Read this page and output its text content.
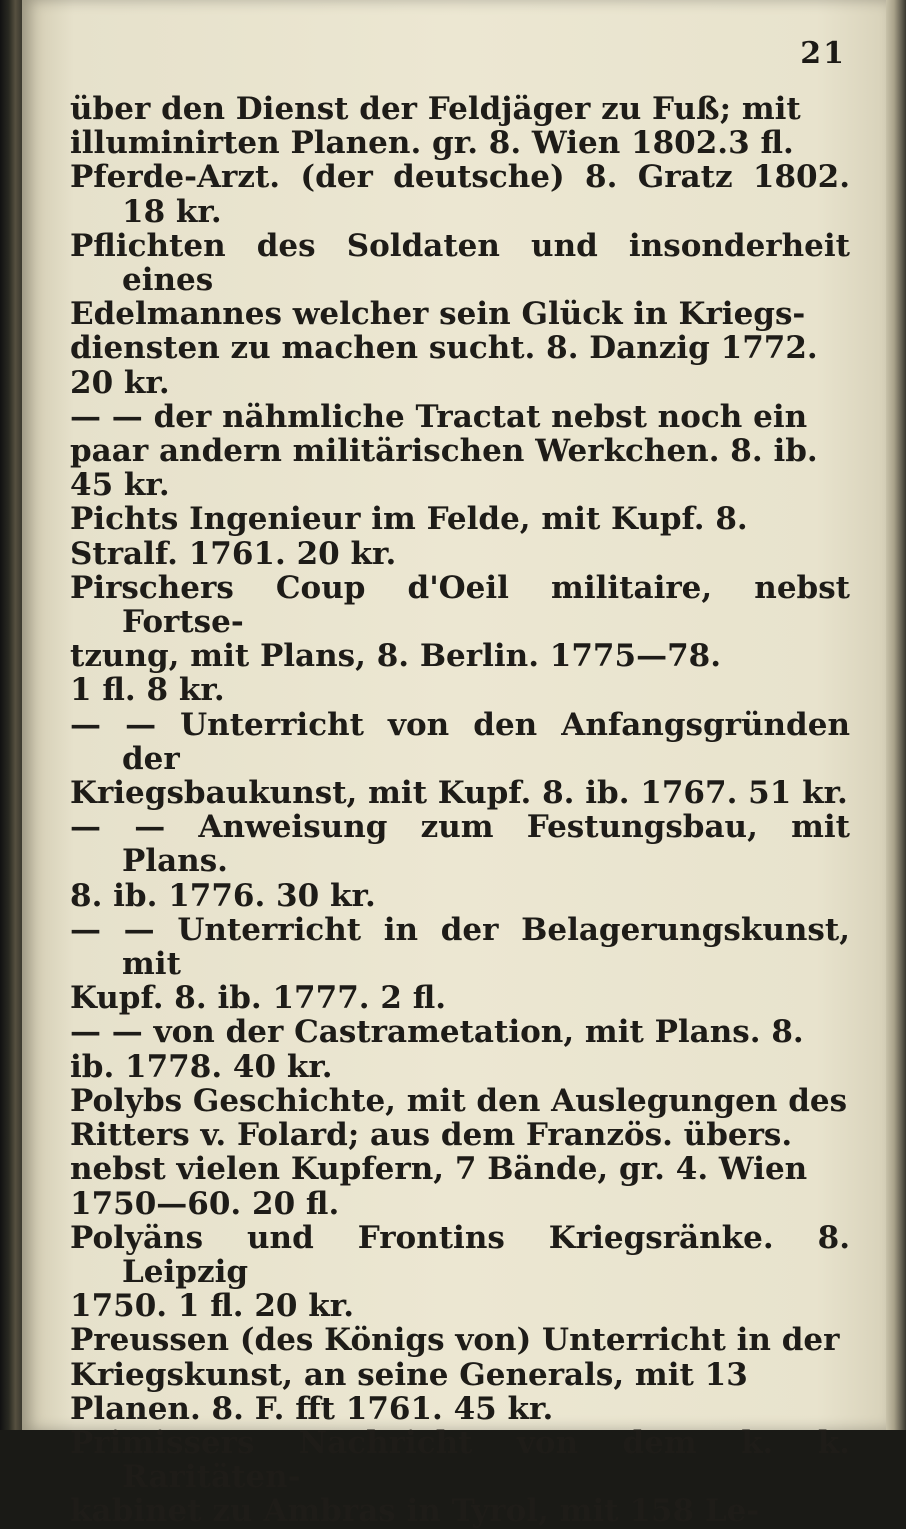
21

über den Dienst der Feldjäger zu Fuß; mit
illuminirten Planen. gr. 8. Wien 1802.3 fl.

Pferde-Arzt. (der deutsche) 8. Gratz 1802. 18 kr.

Pflichten des Soldaten und insonderheit eines
Edelmannes welcher sein Glück in Kriegs-
diensten zu machen sucht. 8. Danzig 1772.
20 kr.

— — der nähmliche Tractat nebst noch ein
paar andern militärischen Werkchen. 8. ib.
45 kr.

Pichts Ingenieur im Felde, mit Kupf. 8.
Stralf. 1761. 20 kr.

Pirschers Coup d'Oeil militaire, nebst Fortse-
tzung, mit Plans, 8. Berlin. 1775—78.
1 fl. 8 kr.

— — Unterricht von den Anfangsgründen der
Kriegsbaukunst, mit Kupf. 8. ib. 1767. 51 kr.

— — Anweisung zum Festungsbau, mit Plans.
8. ib. 1776. 30 kr.

— — Unterricht in der Belagerungskunst, mit
Kupf. 8. ib. 1777. 2 fl.

— — von der Castrametation, mit Plans. 8.
ib. 1778. 40 kr.

Polybs Geschichte, mit den Auslegungen des
Ritters v. Folard; aus dem Französ. übers.
nebst vielen Kupfern, 7 Bände, gr. 4. Wien
1750—60. 20 fl.

Polyäns und Frontins Kriegsränke. 8. Leipzig
1750. 1 fl. 20 kr.

Preussen (des Königs von) Unterricht in der
Kriegskunst, an seine Generals, mit 13
Planen. 8. F. fft 1761. 45 kr.

Primissers Nachricht von dem k. k. Raritäten-
kabinet zu Ambras in Tyrol, mit 158 Le-
